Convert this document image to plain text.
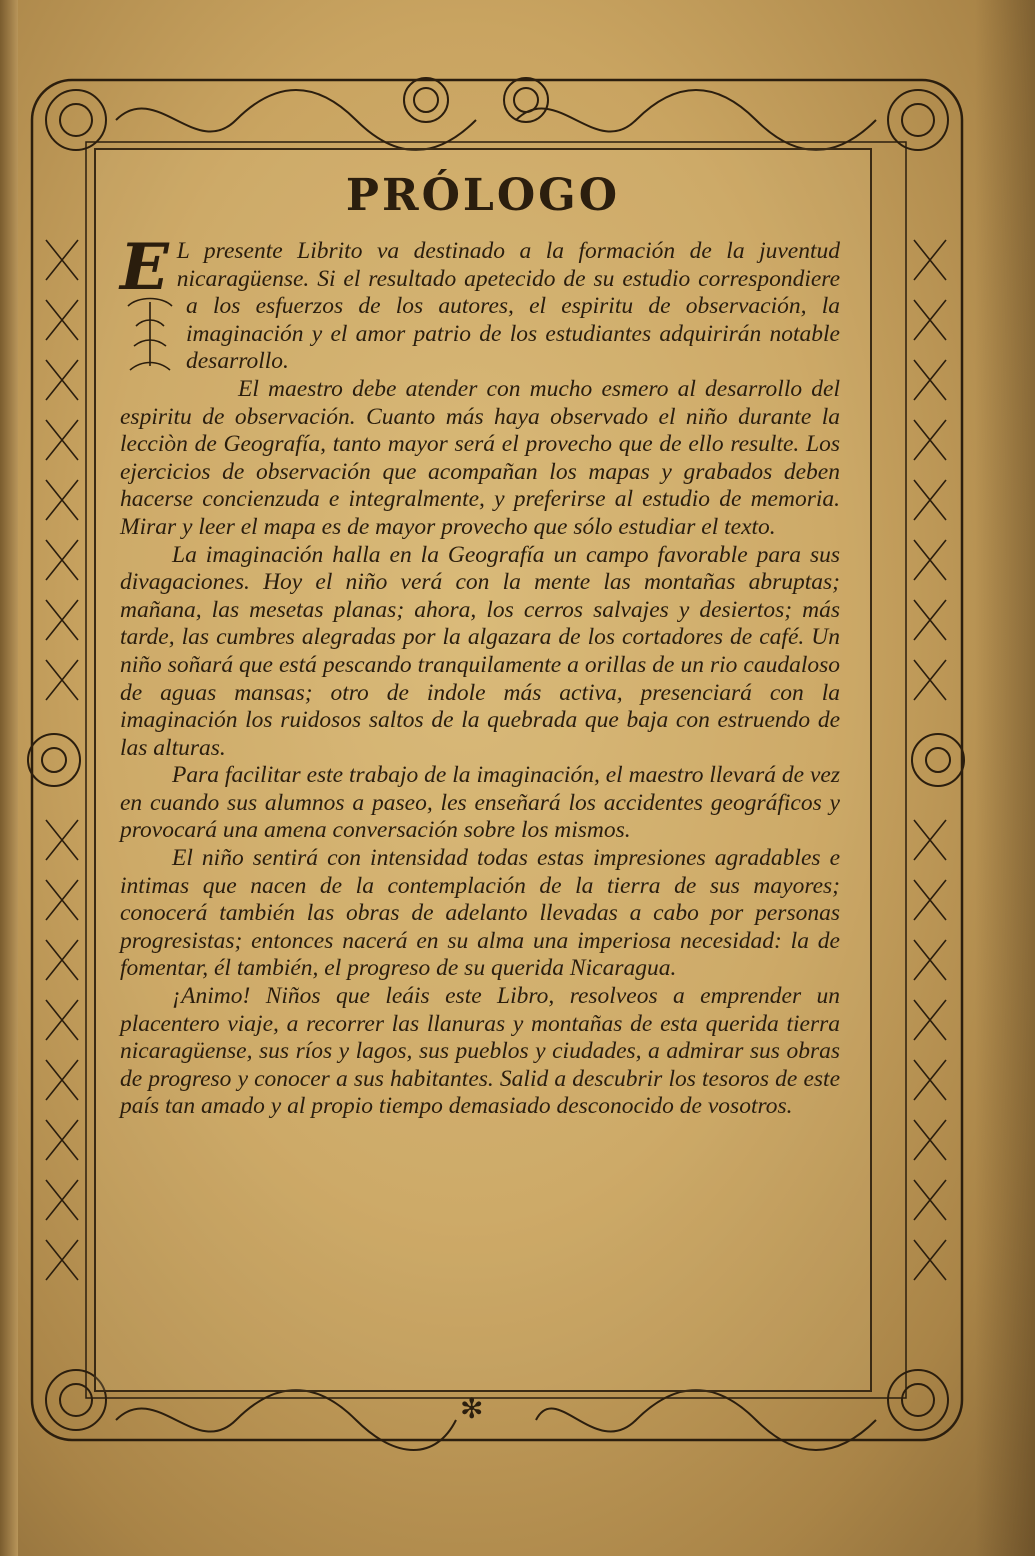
✻
PRÓLOGO

E L presente Librito va destinado a la formación de la juventud nicaragüense. Si el resultado apetecido de su estudio correspondiere a los esfuerzos de los autores, el espiritu de observación, la imaginación y el amor patrio de los estudiantes adquirirán notable desarrollo.

El maestro debe atender con mucho esmero al desarrollo del espiritu de observación. Cuanto más haya observado el niño durante la lecciòn de Geografía, tanto mayor será el provecho que de ello resulte. Los ejercicios de observación que acompañan los mapas y grabados deben hacerse concienzuda e integralmente, y preferirse al estudio de memoria. Mirar y leer el mapa es de mayor provecho que sólo estudiar el texto.

La imaginación halla en la Geografía un campo favorable para sus divagaciones. Hoy el niño verá con la mente las montañas abruptas; mañana, las mesetas planas; ahora, los cerros salvajes y desiertos; más tarde, las cumbres alegradas por la algazara de los cortadores de café. Un niño soñará que está pescando tranquilamente a orillas de un rio caudaloso de aguas mansas; otro de indole más activa, presenciará con la imaginación los ruidosos saltos de la quebrada que baja con estruendo de las alturas.

Para facilitar este trabajo de la imaginación, el maestro llevará de vez en cuando sus alumnos a paseo, les enseñará los accidentes geográficos y provocará una amena conversación sobre los mismos.

El niño sentirá con intensidad todas estas impresiones agradables e intimas que nacen de la contemplación de la tierra de sus mayores; conocerá también las obras de adelanto llevadas a cabo por personas progresistas; entonces nacerá en su alma una imperiosa necesidad: la de fomentar, él también, el progreso de su querida Nicaragua.

¡Animo! Niños que leáis este Libro, resolveos a emprender un placentero viaje, a recorrer las llanuras y montañas de esta querida tierra nicaragüense, sus ríos y lagos, sus pueblos y ciudades, a admirar sus obras de progreso y conocer a sus habitantes. Salid a descubrir los tesoros de este país tan amado y al propio tiempo demasiado desconocido de vosotros.
